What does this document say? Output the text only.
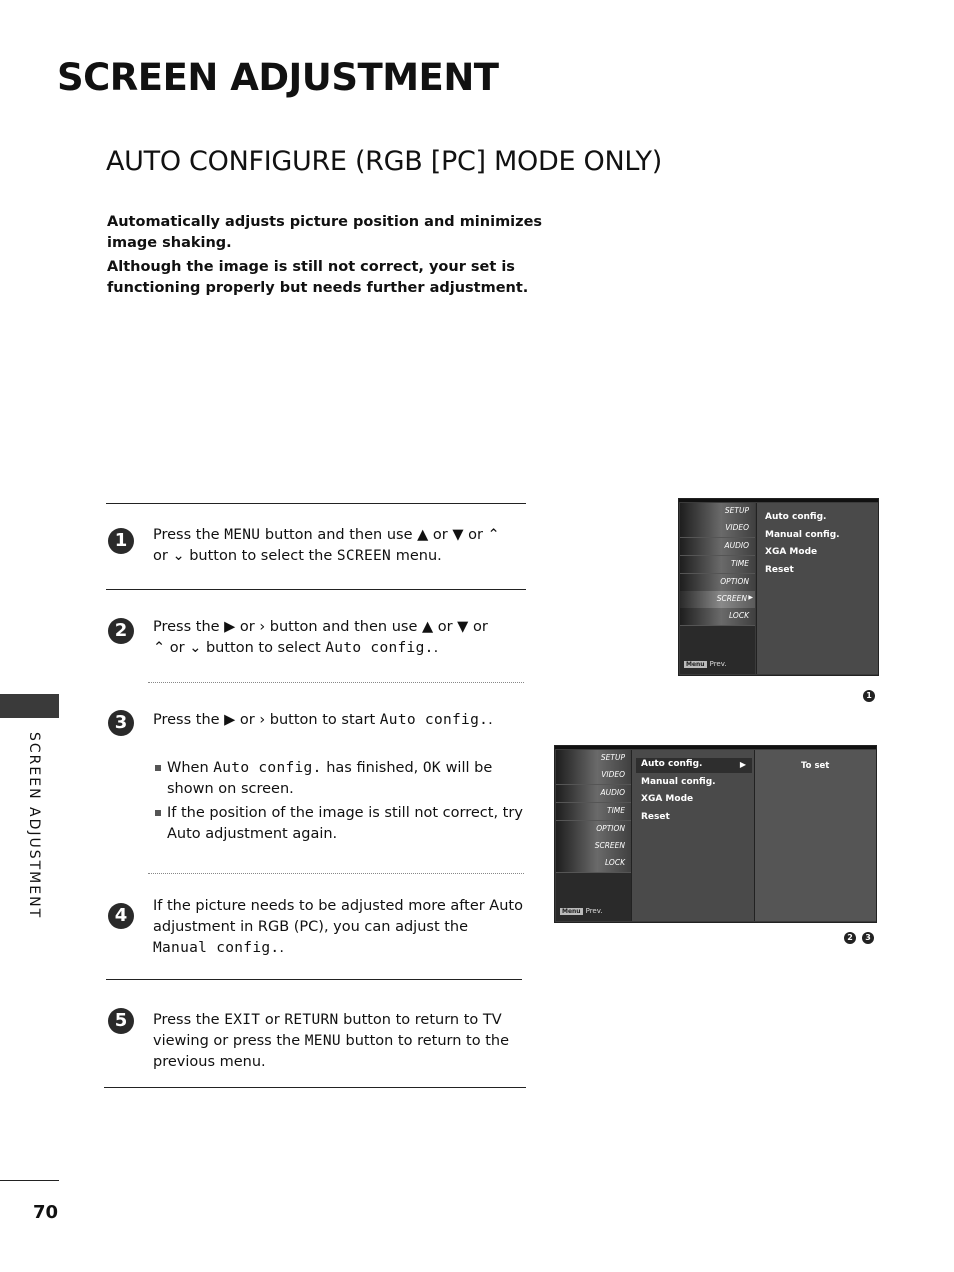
SCREEN ADJUSTMENT
AUTO CONFIGURE (RGB [PC] MODE ONLY)

Automatically adjusts picture position and minimizes image shaking.

Although the image is still not correct, your set is functioning properly but needs further adjustment.

1	Press the MENU button and then use ▲ or ▼ or ⌃
or ⌄ button to select the SCREEN menu.

2	Press the ▶ or › button and then use ▲ or ▼ or
⌃ or ⌄ button to select Auto config..

3	Press the ▶ or › button to start Auto config..

When Auto config. has finished, OK will be shown on screen.

If the position of the image is still not correct, try Auto adjustment again.

4	If the picture needs to be adjusted more after Auto adjustment in RGB (PC), you can adjust the Manual config..

5	Press the EXIT or RETURN button to return to TV viewing or press the MENU button to return to the previous menu.

SCREEN ADJUSTMENT
70
SETUP
VIDEO
AUDIO
TIME
OPTION
SCREEN ▶
LOCK
Menu Prev.
Auto config.
Manual config.
XGA Mode
Reset
1
SETUP
VIDEO
AUDIO
TIME
OPTION
SCREEN
LOCK
Menu Prev.
Auto config.	▶
Manual config.
XGA Mode
Reset
To set
2	3
